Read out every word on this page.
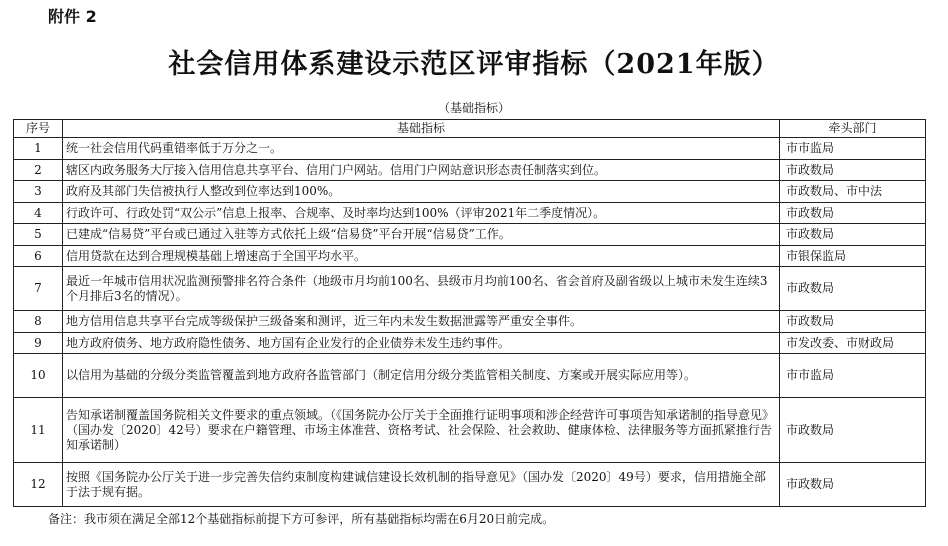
附件 2
社会信用体系建设示范区评审指标（2021年版）
（基础指标）
序号	基础指标	牵头部门
1	统一社会信用代码重错率低于万分之一。	市市监局
2	辖区内政务服务大厅接入信用信息共享平台、信用门户网站。信用门户网站意识形态责任制落实到位。	市政数局
3	政府及其部门失信被执行人整改到位率达到100%。	市政数局、市中法
4	行政许可、行政处罚“双公示”信息上报率、合规率、及时率均达到100%（评审2021年二季度情况）。	市政数局
5	已建成“信易贷”平台或已通过入驻等方式依托上级“信易贷”平台开展“信易贷”工作。	市政数局
6	信用贷款在达到合理规模基础上增速高于全国平均水平。	市银保监局
7	最近一年城市信用状况监测预警排名符合条件（地级市月均前100名、县级市月均前100名、省会首府及副省级以上城市未发生连续3个月排后3名的情况）。	市政数局
8	地方信用信息共享平台完成等级保护三级备案和测评，近三年内未发生数据泄露等严重安全事件。	市政数局
9	地方政府债务、地方政府隐性债务、地方国有企业发行的企业债券未发生违约事件。	市发改委、市财政局
10	以信用为基础的分级分类监管覆盖到地方政府各监管部门（制定信用分级分类监管相关制度、方案或开展实际应用等）。	市市监局
11	告知承诺制覆盖国务院相关文件要求的重点领域。（《国务院办公厅关于全面推行证明事项和涉企经营许可事项告知承诺制的指导意见》（国办发〔2020〕42号）要求在户籍管理、市场主体准营、资格考试、社会保险、社会救助、健康体检、法律服务等方面抓紧推行告知承诺制）	市政数局
12	按照《国务院办公厅关于进一步完善失信约束制度构建诚信建设长效机制的指导意见》（国办发〔2020〕49号）要求，信用措施全部于法于规有据。	市政数局
备注：我市须在满足全部12个基础指标前提下方可参评，所有基础指标均需在6月20日前完成。
